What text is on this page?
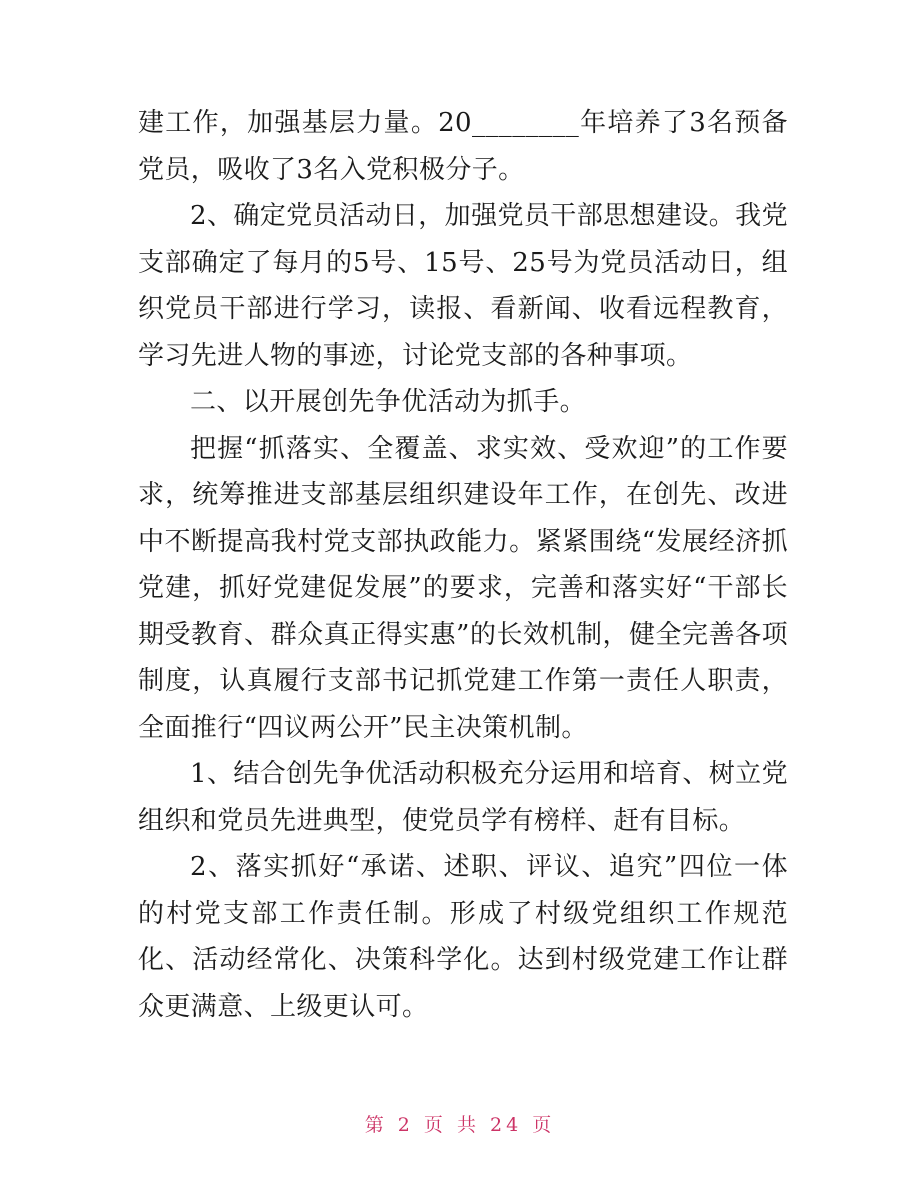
建工作，加强基层力量。20________年培养了3名预备党员，吸收了3名入党积极分子。

2、确定党员活动日，加强党员干部思想建设。我党支部确定了每月的5号、15号、25号为党员活动日，组织党员干部进行学习，读报、看新闻、收看远程教育，学习先进人物的事迹，讨论党支部的各种事项。

二、以开展创先争优活动为抓手。

把握“抓落实、全覆盖、求实效、受欢迎”的工作要求，统筹推进支部基层组织建设年工作，在创先、改进中不断提高我村党支部执政能力。紧紧围绕“发展经济抓党建，抓好党建促发展”的要求，完善和落实好“干部长期受教育、群众真正得实惠”的长效机制，健全完善各项制度，认真履行支部书记抓党建工作第一责任人职责，全面推行“四议两公开”民主决策机制。

1、结合创先争优活动积极充分运用和培育、树立党组织和党员先进典型，使党员学有榜样、赶有目标。

2、落实抓好“承诺、述职、评议、追究”四位一体的村党支部工作责任制。形成了村级党组织工作规范化、活动经常化、决策科学化。达到村级党建工作让群众更满意、上级更认可。

第 2 页 共 24 页
